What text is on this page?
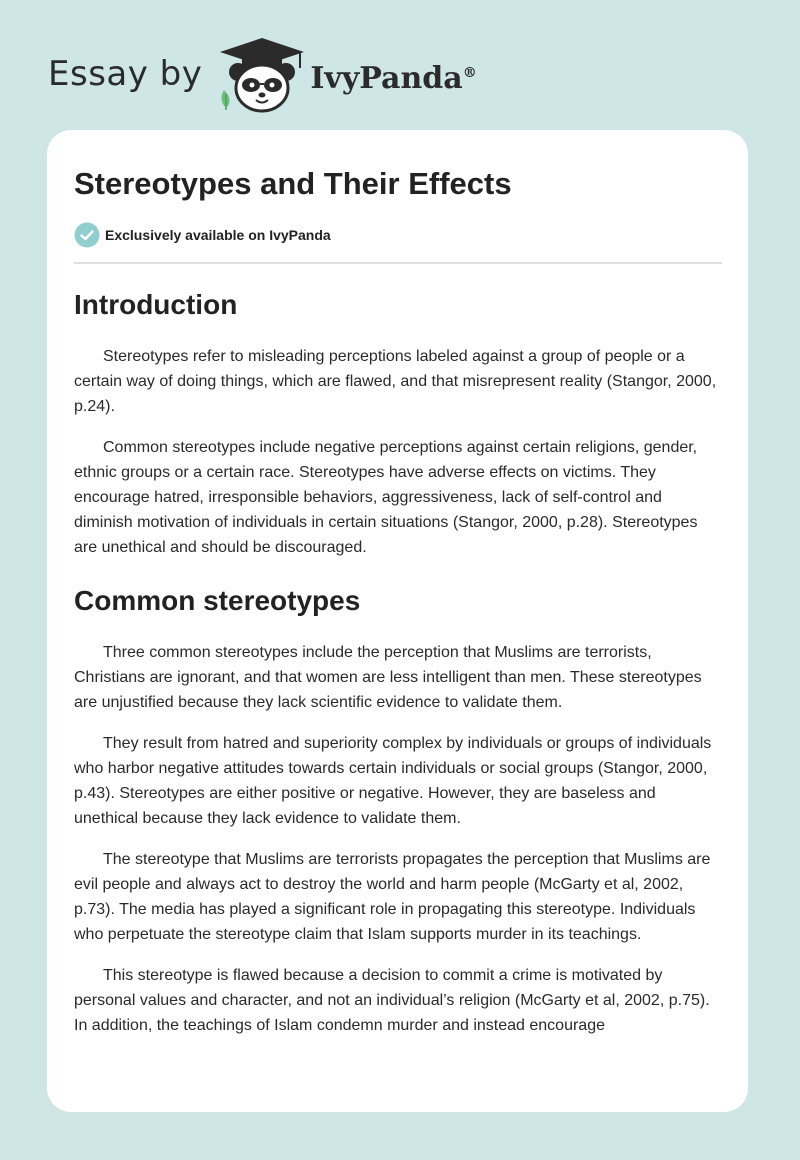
Essay by	IvyPanda®
Stereotypes and Their Effects
Exclusively available on IvyPanda
Introduction

Stereotypes refer to misleading perceptions labeled against a group of people or a certain way of doing things, which are flawed, and that misrepresent reality (Stangor, 2000, p.24).

Common stereotypes include negative perceptions against certain religions, gender, ethnic groups or a certain race. Stereotypes have adverse effects on victims. They encourage hatred, irresponsible behaviors, aggressiveness, lack of self-control and diminish motivation of individuals in certain situations (Stangor, 2000, p.28). Stereotypes are unethical and should be discouraged.

Common stereotypes

Three common stereotypes include the perception that Muslims are terrorists, Christians are ignorant, and that women are less intelligent than men. These stereotypes are unjustified because they lack scientific evidence to validate them.

They result from hatred and superiority complex by individuals or groups of individuals who harbor negative attitudes towards certain individuals or social groups (Stangor, 2000, p.43). Stereotypes are either positive or negative. However, they are baseless and unethical because they lack evidence to validate them.

The stereotype that Muslims are terrorists propagates the perception that Muslims are evil people and always act to destroy the world and harm people (McGarty et al, 2002, p.73). The media has played a significant role in propagating this stereotype. Individuals who perpetuate the stereotype claim that Islam supports murder in its teachings.

This stereotype is flawed because a decision to commit a crime is motivated by personal values and character, and not an individual’s religion (McGarty et al, 2002, p.75). In addition, the teachings of Islam condemn murder and instead encourage
